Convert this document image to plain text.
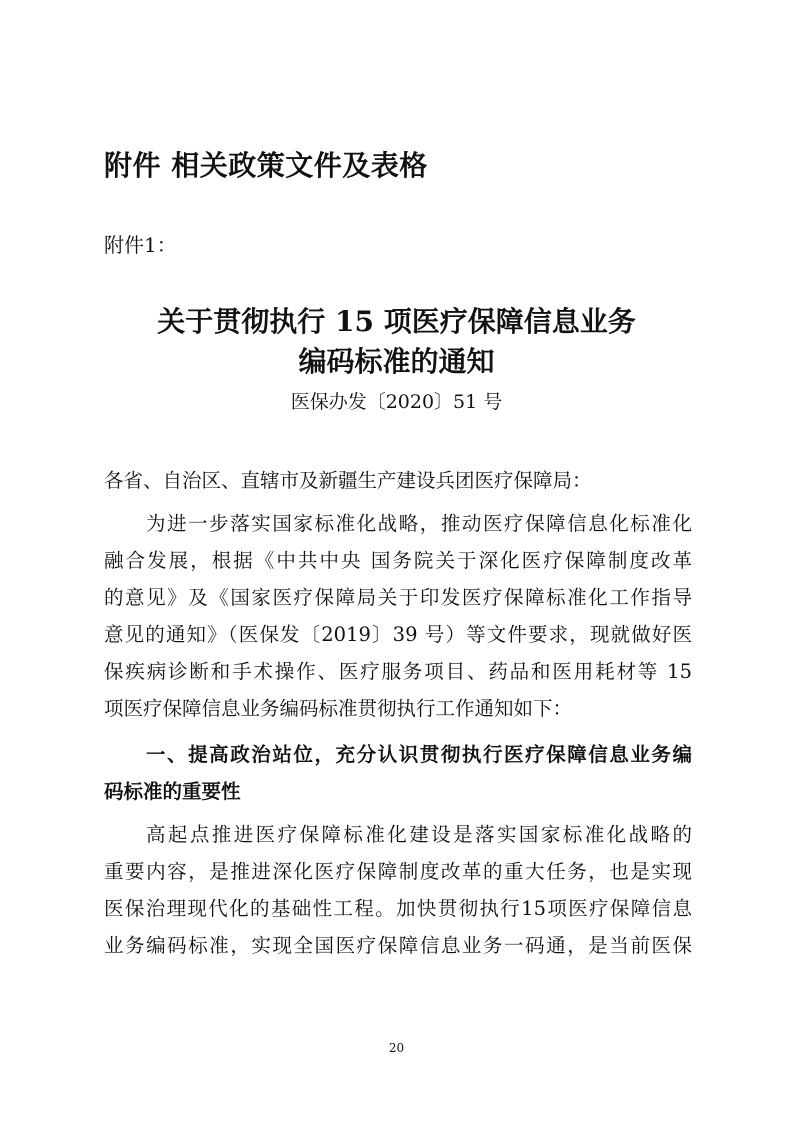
附件 相关政策文件及表格
附件1：
关于贯彻执行 15 项医疗保障信息业务
编码标准的通知
医保办发〔2020〕51 号
各省、自治区、直辖市及新疆生产建设兵团医疗保障局：
为进一步落实国家标准化战略，推动医疗保障信息化标准化
融合发展，根据《中共中央 国务院关于深化医疗保障制度改革
的意见》及《国家医疗保障局关于印发医疗保障标准化工作指导
意见的通知》（医保发〔2019〕39 号）等文件要求，现就做好医
保疾病诊断和手术操作、医疗服务项目、药品和医用耗材等 15
项医疗保障信息业务编码标准贯彻执行工作通知如下：
一、提高政治站位，充分认识贯彻执行医疗保障信息业务编
码标准的重要性
高起点推进医疗保障标准化建设是落实国家标准化战略的
重要内容，是推进深化医疗保障制度改革的重大任务，也是实现
医保治理现代化的基础性工程。加快贯彻执行15项医疗保障信息
业务编码标准，实现全国医疗保障信息业务一码通，是当前医保
20
